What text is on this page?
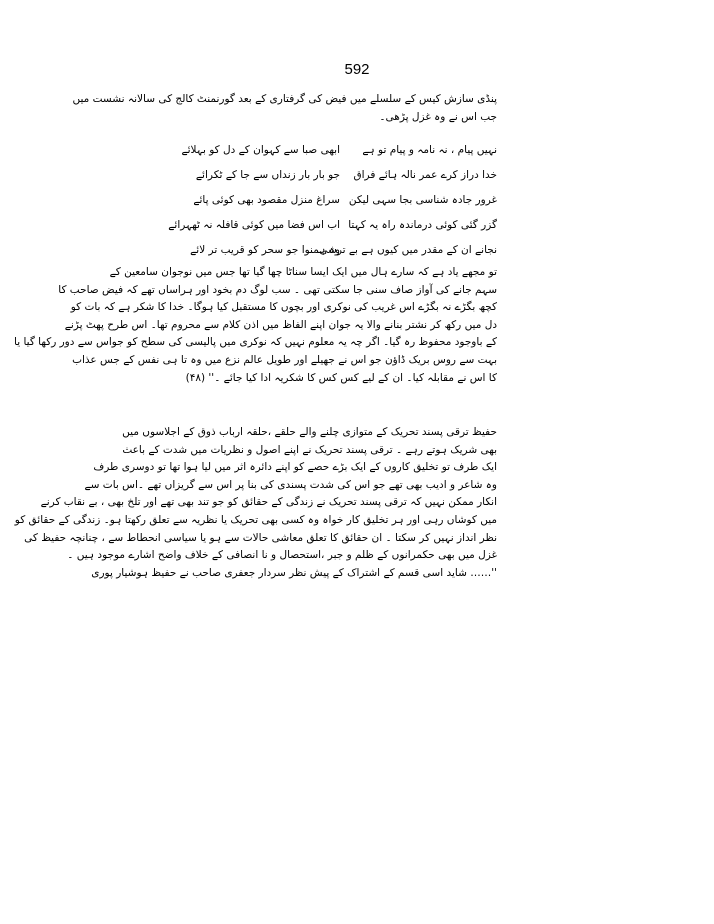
592
پنڈی سازش کیس کے سلسلے میں فیض کی گرفتاری کے بعد گورنمنٹ کالج کی سالانہ نشست میں
جب اس نے وہ غزل پڑھی۔
نہیں پیام ، نہ نامہ و پیام تو ہے
ابھی صبا سے کہوان کے دل کو بہلائے
خدا دراز کرے عمر نالہ ہائے فراق
جو بار بار زنداں سے جا کے ٹکرائے
غرور جادہ شناسی بجا سہی لیکن
سراغ منزل مقصود بھی کوئی پائے
گزر گئی کوئی درماندہ راہ یہ کہتا
اب اس فضا میں کوئی قافلہ نہ ٹھہرائے
نجانے ان کے مقدر میں کیوں ہے بے ترشی
وہ ہمنوا جو سحر کو قریب تر لائے
تو مجھے یاد ہے کہ سارے ہال میں ایک ایسا سناٹا چھا گیا تھا جس میں نوجوان سامعین کے
سہم جانے کی آواز صاف سنی جا سکتی تھی ۔ سب لوگ دم بخود اور ہراساں تھے کہ فیض صاحب کا
کچھ بگڑے نہ بگڑے اس غریب کی نوکری اور بچوں کا مستقبل کیا ہوگا۔ خدا کا شکر ہے کہ بات کو
دل میں رکھ کر نشتر بنانے والا یہ جوان اپنے الفاظ میں اذن کلام سے محروم تھا۔ اس طرح پھٹ پڑنے
کے باوجود محفوظ رہ گیا۔ اگر چہ یہ معلوم نہیں کہ نوکری میں پالیسی کی سطح کو جواس سے دور رکھا گیا یا
بہت سے روس بریک ڈاؤن جو اس نے جھیلے اور طویل عالم نزع میں وہ تا ہی نفس کے جس عذاب
کا اس نے مقابلہ کیا۔ ان کے لیے کس کس کا شکریہ ادا کیا جائے ۔'' (۴۸)
حفیظ ترقی پسند تحریک کے متوازی چلنے والے حلقے ،حلقہ ارباب ذوق کے اجلاسوں میں
بھی شریک ہوتے رہے ۔ ترقی پسند تحریک نے اپنے اصول و نظریات میں شدت کے باعث
ایک طرف تو تخلیق کاروں کے ایک بڑے حصے کو اپنے دائرہ اثر میں لیا ہوا تھا تو دوسری طرف
وہ شاعر و ادیب بھی تھے جو اس کی شدت پسندی کی بنا پر اس سے گریزاں تھے ۔اس بات سے
انکار ممکن نہیں کہ ترقی پسند تحریک نے زندگی کے حقائق کو جو تند بھی تھے اور تلخ بھی ، بے نقاب کرنے
میں کوشاں رہی اور ہر تخلیق کار خواہ وہ کسی بھی تحریک یا نظریہ سے تعلق رکھتا ہو۔ زندگی کے حقائق کو
نظر انداز نہیں کر سکتا ۔ ان حقائق کا تعلق معاشی حالات سے ہو یا سیاسی انحطاط سے ، چنانچہ حفیظ کی
غزل میں بھی حکمرانوں کے ظلم و جبر ،استحصال و نا انصافی کے خلاف واضح اشارے موجود ہیں ۔
''…… شاید اسی قسم کے اشتراک کے پیش نظر سردار جعفری صاحب نے حفیظ ہوشیار پوری
